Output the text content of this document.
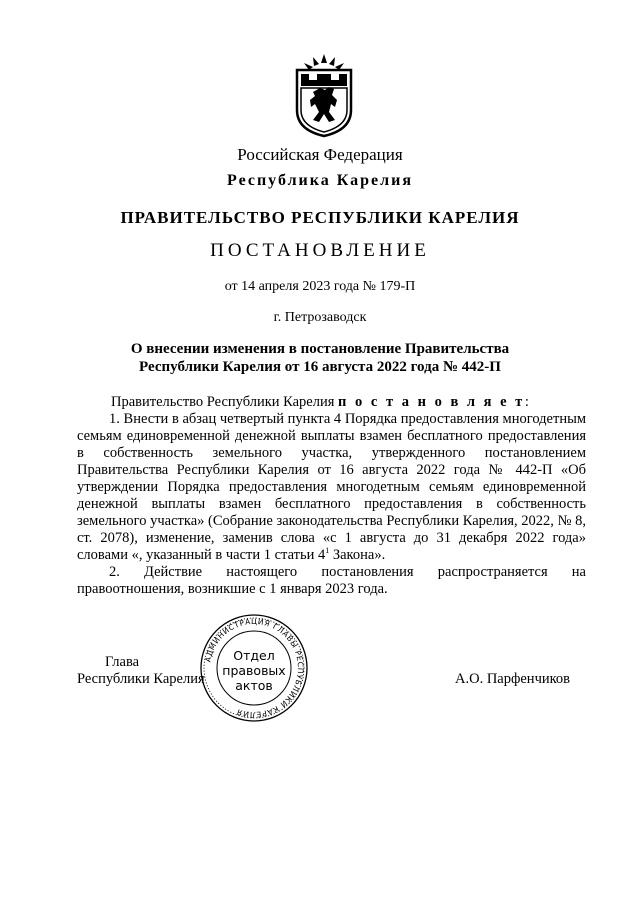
Российская Федерация
Республика Карелия
ПРАВИТЕЛЬСТВО РЕСПУБЛИКИ КАРЕЛИЯ
ПОСТАНОВЛЕНИЕ
от 14 апреля 2023 года № 179-П
г. Петрозаводск
О внесении изменения в постановление Правительства
Республики Карелия от 16 августа 2022 года № 442-П

Правительство Республики Карелия п о с т а н о в л я е т:

1. Внести в абзац четвертый пункта 4 Порядка предоставления многодетным семьям единовременной денежной выплаты взамен бесплатного предоставления в собственность земельного участка, утвержденного постановлением Правительства Республики Карелия от 16 августа 2022 года № 442-П «Об утверждении Порядка предоставления многодетным семьям единовременной денежной выплаты взамен бесплатного предоставления в собственность земельного участка» (Собрание законодательства Республики Карелия, 2022, № 8, ст. 2078), изменение, заменив слова «с 1 августа до 31 декабря 2022 года» словами «, указанный в части 1 статьи $4^1$ Закона».

2. Действие настоящего постановления распространяется на правоотношения, возникшие с 1 января 2023 года.

Глава
Республики Карелия	А.О. Парфенчиков
АДМИНИСТРАЦИЯ ГЛАВЫ РЕСПУБЛИКИ КАРЕЛИЯ
Отдел
правовых
актов
